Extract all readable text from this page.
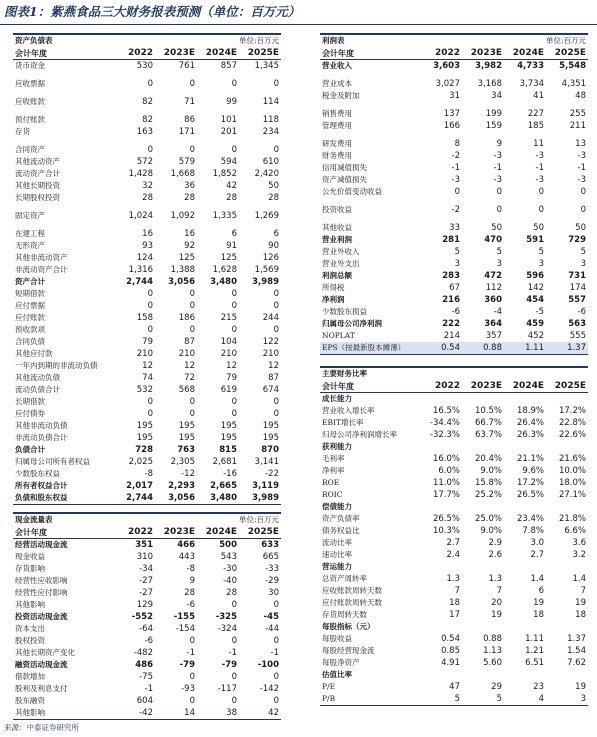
图表1：紫燕食品三大财务报表预测（单位：百万元）
资产负债表			单位:百万元	
会计年度	2022	2023E	2024E	2025E
货币资金	530	761	857	1,345

应收票据	0	0	0	0

应收账款	82	71	99	114

预付账款	82	86	101	118
存货	163	171	201	234

合同资产	0	0	0	0
其他流动资产	572	579	594	610
流动资产合计	1,428	1,668	1,852	2,420
其他长期投资	32	36	42	50
长期股权投资	28	28	28	28

固定资产	1,024	1,092	1,335	1,269

在建工程	16	16	6	6
无形资产	93	92	91	90
其他非流动资产	124	125	125	126
非流动资产合计	1,316	1,388	1,628	1,569
资产合计	2,744	3,056	3,480	3,989
短期借款	0	0	0	0
应付票据	0	0	0	0
应付账款	158	186	215	244
预收款项	0	0	0	0
合同负债	79	87	104	122
其他应付款	210	210	210	210
一年内到期的非流动负债	12	12	12	12
其他流动负债	74	72	79	87
流动负债合计	532	568	619	674
长期借款	0	0	0	0
应付债券	0	0	0	0
其他非流动负债	195	195	195	195
非流动负债合计	195	195	195	195
负债合计	728	763	815	870
归属母公司所有者权益	2,025	2,305	2,681	3,141
少数股东权益	-8	-12	-16	-22
所有者权益合计	2,017	2,293	2,665	3,119
负债和股东权益	2,744	3,056	3,480	3,989
利润表			单位:百万元	
会计年度	2022	2023E	2024E	2025E
营业收入	3,603	3,982	4,733	5,548

营业成本	3,027	3,168	3,734	4,351
税金及附加	31	34	41	48

销售费用	137	199	227	255
管理费用	166	159	185	211

研发费用	8	9	11	13
财务费用	-2	-3	-3	-3
信用减值损失	-1	-1	-1	-1
资产减值损失	-3	-3	-3	-3
公允价值变动收益	0	0	0	0

投资收益	-2	0	0	0

其他收益	33	50	50	50
营业利润	281	470	591	729
营业外收入	5	5	5	5
营业外支出	3	3	3	3
利润总额	283	472	596	731
所得税	67	112	142	174
净利润	216	360	454	557
少数股东损益	-6	-4	-5	-6
归属母公司净利润	222	364	459	563
NOPLAT	214	357	452	555
EPS（按最新股本摊薄）	0.54	0.88	1.11	1.37
主要财务比率				
会计年度	2022	2023E	2024E	2025E
成长能力				
营业收入增长率	16.5%	10.5%	18.9%	17.2%
EBIT增长率	-34.4%	66.7%	26.4%	22.8%
归母公司净利润增长率	-32.3%	63.7%	26.3%	22.6%
获利能力				
毛利率	16.0%	20.4%	21.1%	21.6%
净利率	6.0%	9.0%	9.6%	10.0%
ROE	11.0%	15.8%	17.2%	18.0%
ROIC	17.7%	25.2%	26.5%	27.1%
偿债能力				
资产负债率	26.5%	25.0%	23.4%	21.8%
债务权益比	10.3%	9.0%	7.8%	6.6%
流动比率	2.7	2.9	3.0	3.6
速动比率	2.4	2.6	2.7	3.2
营运能力				
总资产周转率	1.3	1.3	1.4	1.4
应收账款周转天数	7	7	6	7
应付账款周转天数	18	20	19	19
存货周转天数	17	19	18	18
每股指标（元）				
每股收益	0.54	0.88	1.11	1.37
每股经营现金流	0.85	1.13	1.21	1.54
每股净资产	4.91	5.60	6.51	7.62
估值比率				
P/E	47	29	23	19
P/B	5	5	4	3
现金流量表			单位:百万元	
会计年度	2022	2023E	2024E	2025E
经营活动现金流	351	466	500	633
现金收益	310	443	543	665
存货影响	-34	-8	-30	-33
经营性应收影响	-27	9	-40	-29
经营性应付影响	-27	28	28	30
其他影响	129	-6	0	0
投资活动现金流	-552	-155	-325	-45
资本支出	-64	-154	-324	-44
股权投资	-6	0	0	0
其他长期资产变化	-482	-1	-1	-1
融资活动现金流	486	-79	-79	-100
借款增加	-75	0	0	0
股利及利息支付	-1	-93	-117	-142
股东融资	604	0	0	0
其他影响	-42	14	38	42
来源：中泰证券研究所
